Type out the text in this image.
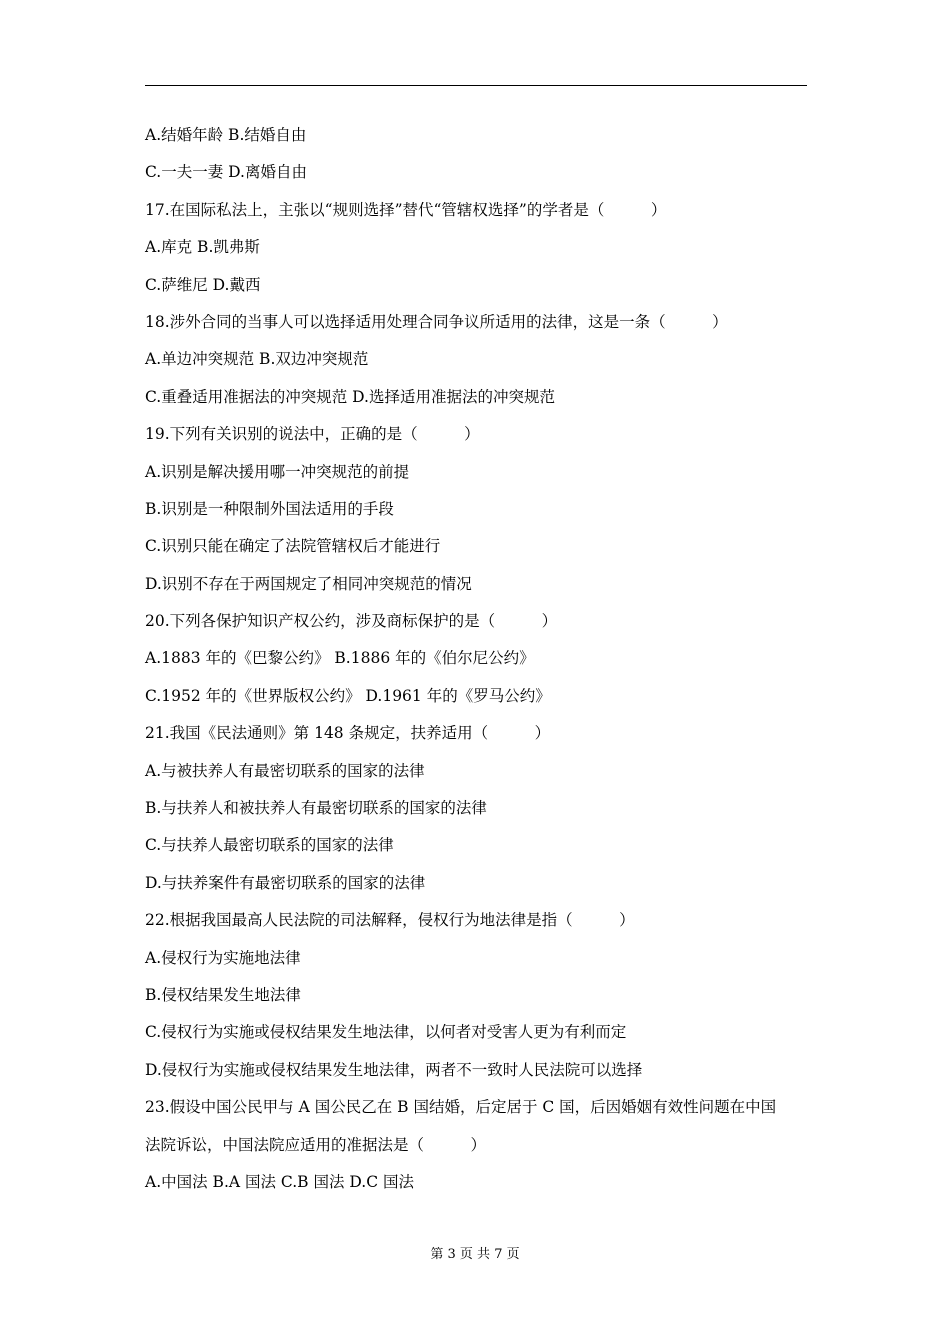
A.结婚年龄 B.结婚自由
C.一夫一妻 D.离婚自由
17.在国际私法上，主张以“规则选择”替代“管辖权选择”的学者是（　　　）
A.库克 B.凯弗斯
C.萨维尼 D.戴西
18.涉外合同的当事人可以选择适用处理合同争议所适用的法律，这是一条（　　　）
A.单边冲突规范 B.双边冲突规范
C.重叠适用准据法的冲突规范 D.选择适用准据法的冲突规范
19.下列有关识别的说法中，正确的是（　　　）
A.识别是解决援用哪一冲突规范的前提
B.识别是一种限制外国法适用的手段
C.识别只能在确定了法院管辖权后才能进行
D.识别不存在于两国规定了相同冲突规范的情况
20.下列各保护知识产权公约，涉及商标保护的是（　　　）
A.1883 年的《巴黎公约》 B.1886 年的《伯尔尼公约》
C.1952 年的《世界版权公约》 D.1961 年的《罗马公约》
21.我国《民法通则》第 148 条规定，扶养适用（　　　）
A.与被扶养人有最密切联系的国家的法律
B.与扶养人和被扶养人有最密切联系的国家的法律
C.与扶养人最密切联系的国家的法律
D.与扶养案件有最密切联系的国家的法律
22.根据我国最高人民法院的司法解释，侵权行为地法律是指（　　　）
A.侵权行为实施地法律
B.侵权结果发生地法律
C.侵权行为实施或侵权结果发生地法律，以何者对受害人更为有利而定
D.侵权行为实施或侵权结果发生地法律，两者不一致时人民法院可以选择
23.假设中国公民甲与 A 国公民乙在 B 国结婚，后定居于 C 国，后因婚姻有效性问题在中国
法院诉讼，中国法院应适用的准据法是（　　　）
A.中国法 B.A 国法 C.B 国法 D.C 国法
第 3 页 共 7 页
